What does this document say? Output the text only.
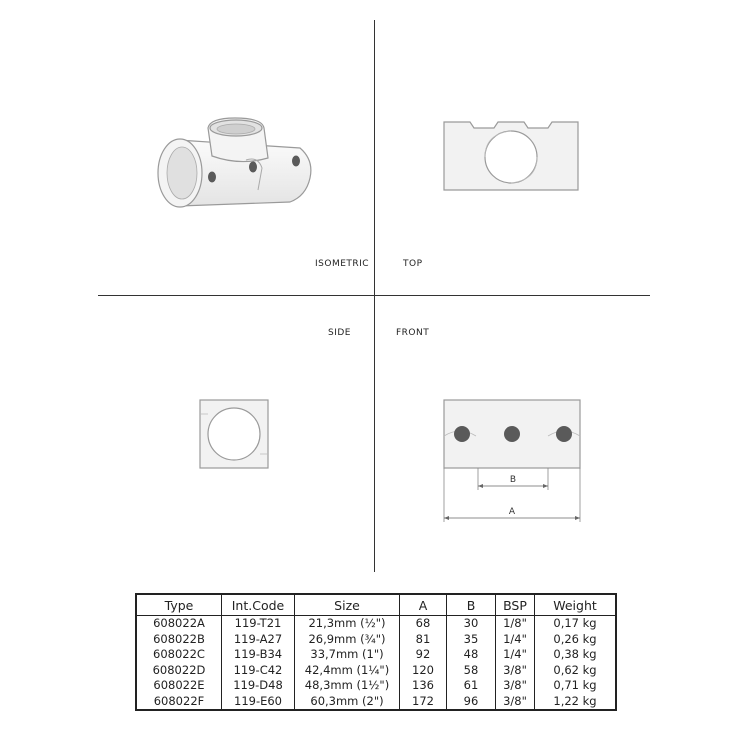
ISOMETRIC	TOP
SIDE	FRONT
B
A
Type	Int.Code	Size	A	B	BSP	Weight
608022A	119-T21	21,3mm (½")	68	30	1/8"	0,17 kg
608022B	119-A27	26,9mm (¾")	81	35	1/4"	0,26 kg
608022C	119-B34	33,7mm (1")	92	48	1/4"	0,38 kg
608022D	119-C42	42,4mm (1¼")	120	58	3/8"	0,62 kg
608022E	119-D48	48,3mm (1½")	136	61	3/8"	0,71 kg
608022F	119-E60	60,3mm (2")	172	96	3/8"	1,22 kg
